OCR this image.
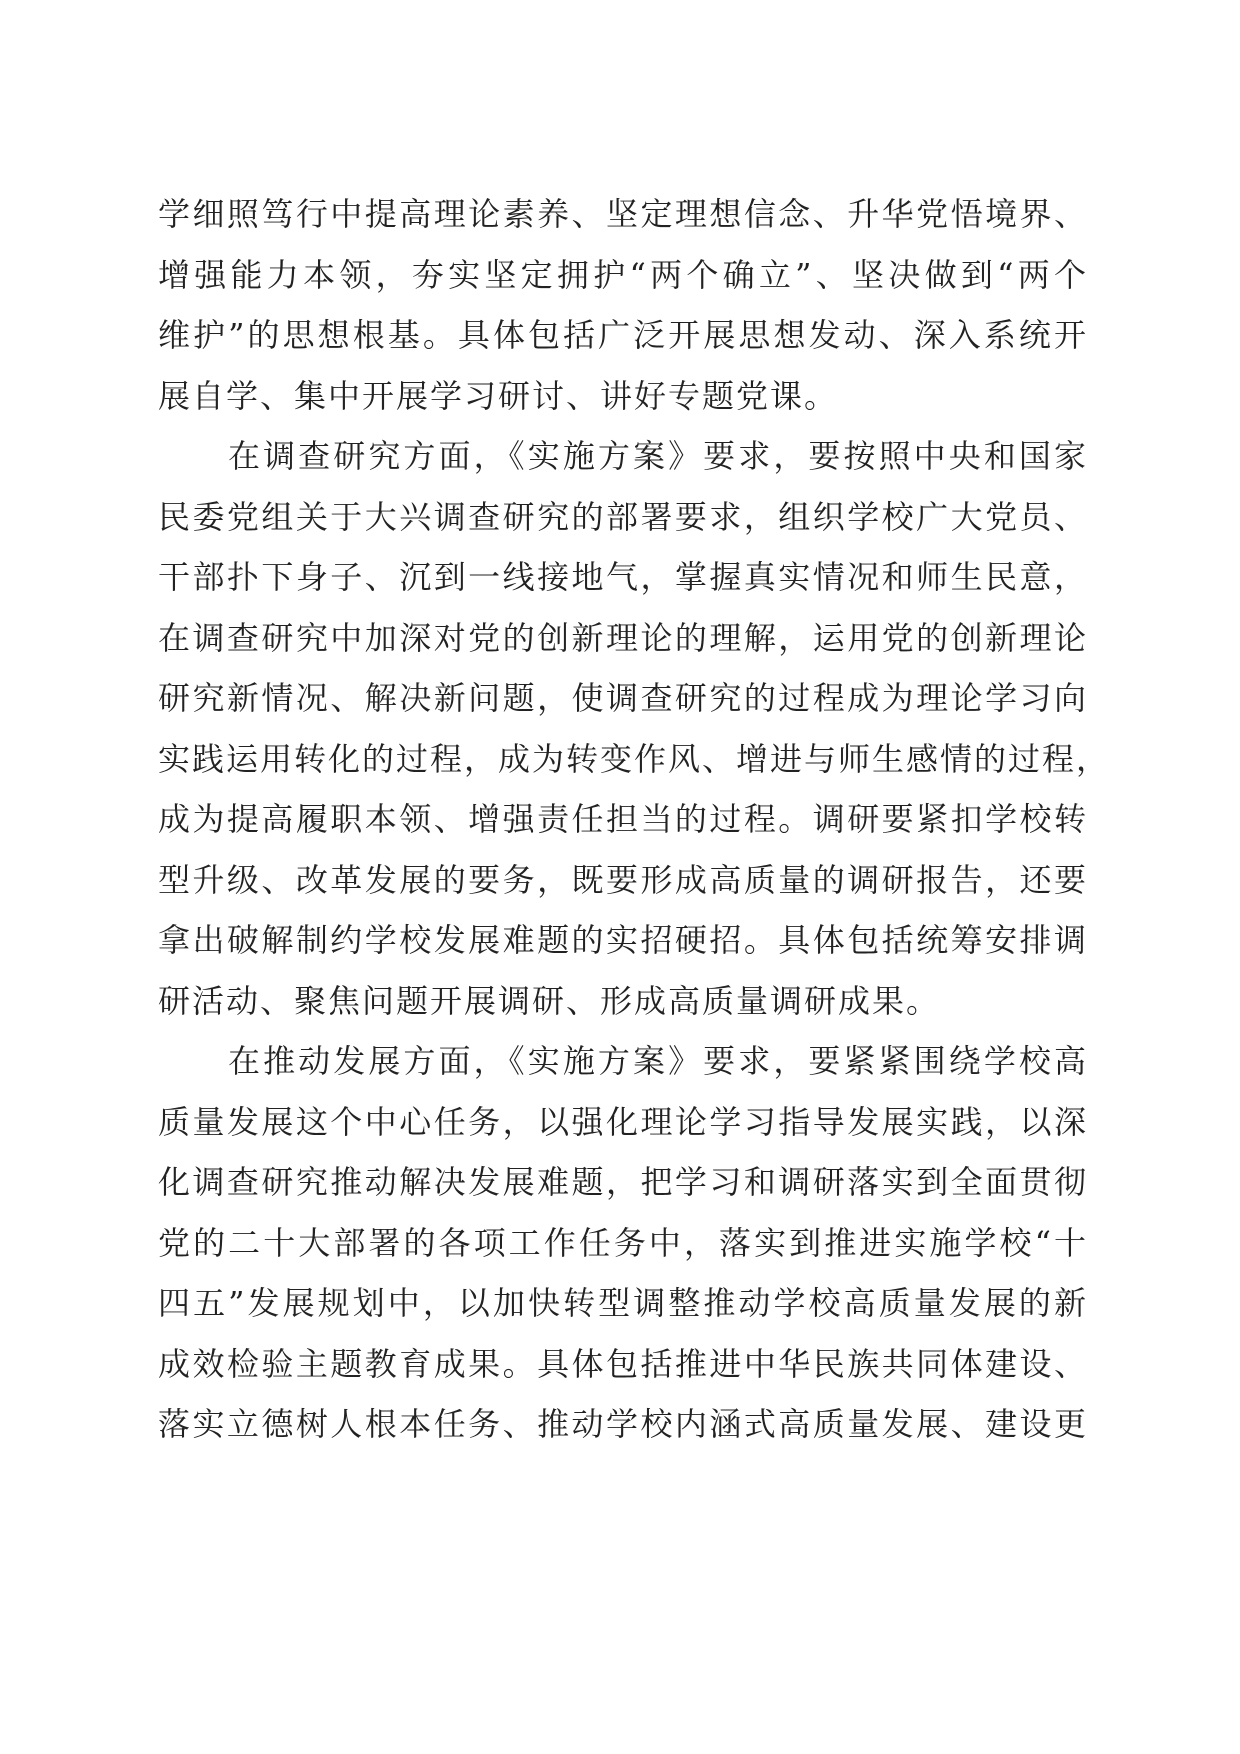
学细照笃行中提高理论素养、坚定理想信念、升华党悟境界、
增强能力本领，夯实坚定拥护“两个确立”、坚决做到“两个
维护”的思想根基。具体包括广泛开展思想发动、深入系统开
展自学、集中开展学习研讨、讲好专题党课。
在调查研究方面，《实施方案》要求，要按照中央和国家
民委党组关于大兴调查研究的部署要求，组织学校广大党员、
干部扑下身子、沉到一线接地气，掌握真实情况和师生民意，
在调查研究中加深对党的创新理论的理解，运用党的创新理论
研究新情况、解决新问题，使调查研究的过程成为理论学习向
实践运用转化的过程，成为转变作风、增进与师生感情的过程，
成为提高履职本领、增强责任担当的过程。调研要紧扣学校转
型升级、改革发展的要务，既要形成高质量的调研报告，还要
拿出破解制约学校发展难题的实招硬招。具体包括统筹安排调
研活动、聚焦问题开展调研、形成高质量调研成果。
在推动发展方面，《实施方案》要求，要紧紧围绕学校高
质量发展这个中心任务，以强化理论学习指导发展实践，以深
化调查研究推动解决发展难题，把学习和调研落实到全面贯彻
党的二十大部署的各项工作任务中，落实到推进实施学校“十
四五”发展规划中，以加快转型调整推动学校高质量发展的新
成效检验主题教育成果。具体包括推进中华民族共同体建设、
落实立德树人根本任务、推动学校内涵式高质量发展、建设更
